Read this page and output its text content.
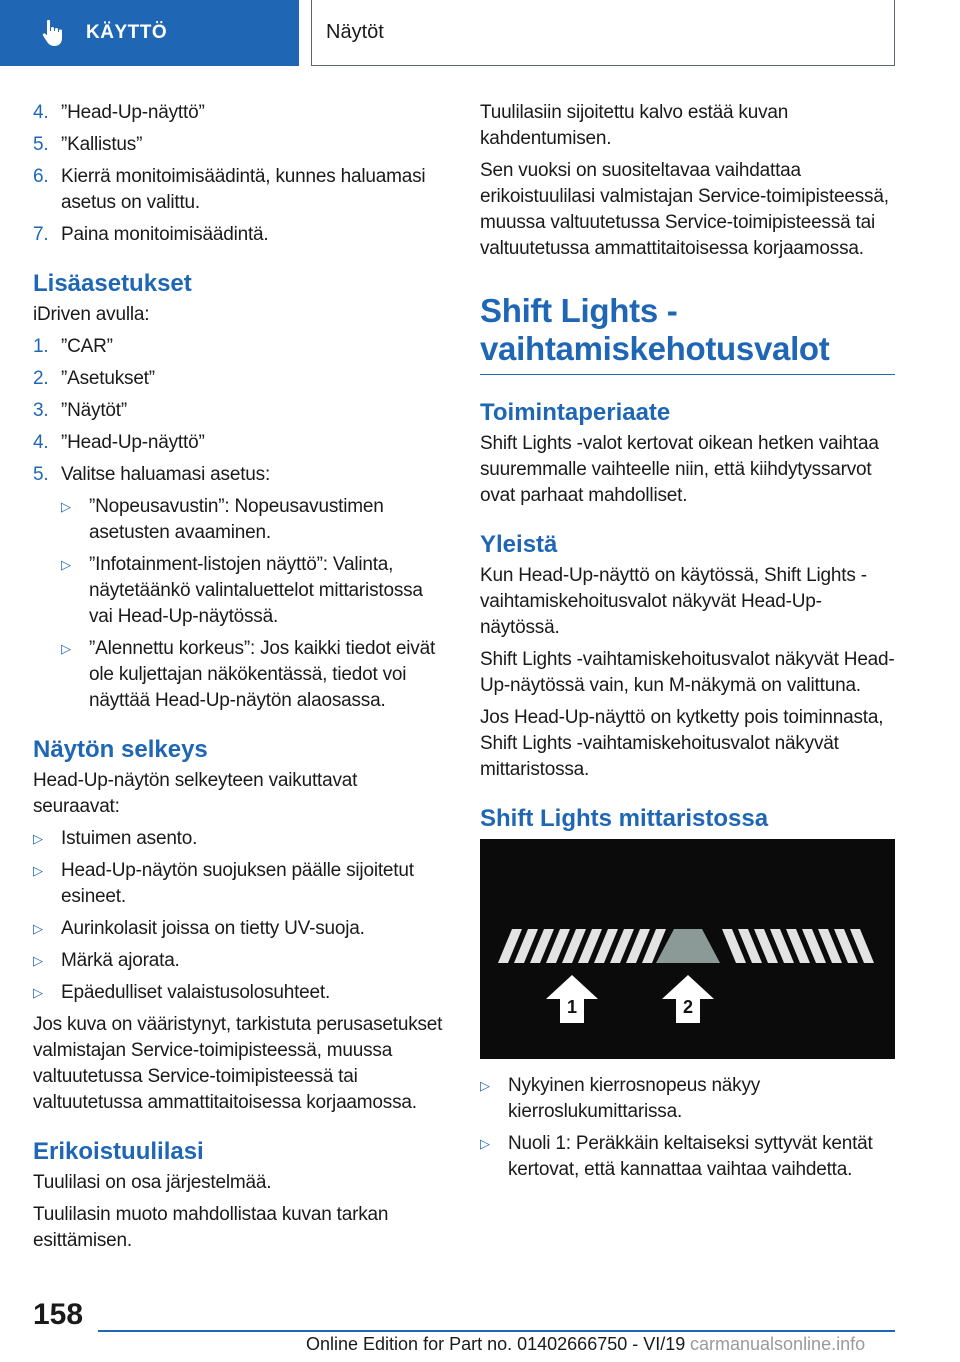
KÄYTTÖ	Näytöt
4. ”Head-Up-näyttö”
5. ”Kallistus”
6. Kierrä monitoimisäädintä, kunnes haluamasi asetus on valittu.
7. Paina monitoimisäädintä.
Lisäasetukset

iDriven avulla:

1. ”CAR”
2. ”Asetukset”
3. ”Näytöt”
4. ”Head-Up-näyttö”
5. Valitse haluamasi asetus:
▷ ”Nopeusavustin”: Nopeusavustimen asetusten avaaminen.
▷ ”Infotainment-listojen näyttö”: Valinta, näytetäänkö valintaluettelot mittaristossa vai Head-Up-näytössä.
▷ ”Alennettu korkeus”: Jos kaikki tiedot eivät ole kuljettajan näkökentässä, tiedot voi näyttää Head-Up-näytön alaosassa.
Näytön selkeys

Head-Up-näytön selkeyteen vaikuttavat seuraavat:

▷ Istuimen asento.
▷ Head-Up-näytön suojuksen päälle sijoitetut esineet.
▷ Aurinkolasit joissa on tietty UV-suoja.
▷ Märkä ajorata.
▷ Epäedulliset valaistusolosuhteet.

Jos kuva on vääristynyt, tarkistuta perusasetukset valmistajan Service-toimipisteessä, muussa valtuutetussa Service-toimipisteessä tai valtuutetussa ammattitaitoisessa korjaamossa.

Erikoistuulilasi

Tuulilasi on osa järjestelmää.

Tuulilasin muoto mahdollistaa kuvan tarkan esittämisen.

Tuulilasiin sijoitettu kalvo estää kuvan kahdentumisen.

Sen vuoksi on suositeltavaa vaihdattaa erikoistuulilasi valmistajan Service-toimipisteessä, muussa valtuutetussa Service-toimipisteessä tai valtuutetussa ammattitaitoisessa korjaamossa.

Shift Lights - vaihtamiskehotusvalot
Toimintaperiaate

Shift Lights -valot kertovat oikean hetken vaihtaa suuremmalle vaihteelle niin, että kiihdytyssarvot ovat parhaat mahdolliset.

Yleistä

Kun Head-Up-näyttö on käytössä, Shift Lights -vaihtamiskehoitusvalot näkyvät Head-Up-näytössä.

Shift Lights -vaihtamiskehoitusvalot näkyvät Head-Up-näytössä vain, kun M-näkymä on valittuna.

Jos Head-Up-näyttö on kytketty pois toiminnasta, Shift Lights -vaihtamiskehoitusvalot näkyvät mittaristossa.

Shift Lights mittaristossa
1	2
▷ Nykyinen kierrosnopeus näkyy kierroslukumittarissa.
▷ Nuoli 1: Peräkkäin keltaiseksi syttyvät kentät kertovat, että kannattaa vaihtaa vaihdetta.
158
Online Edition for Part no. 01402666750 - VI/19 carmanualsonline.info
